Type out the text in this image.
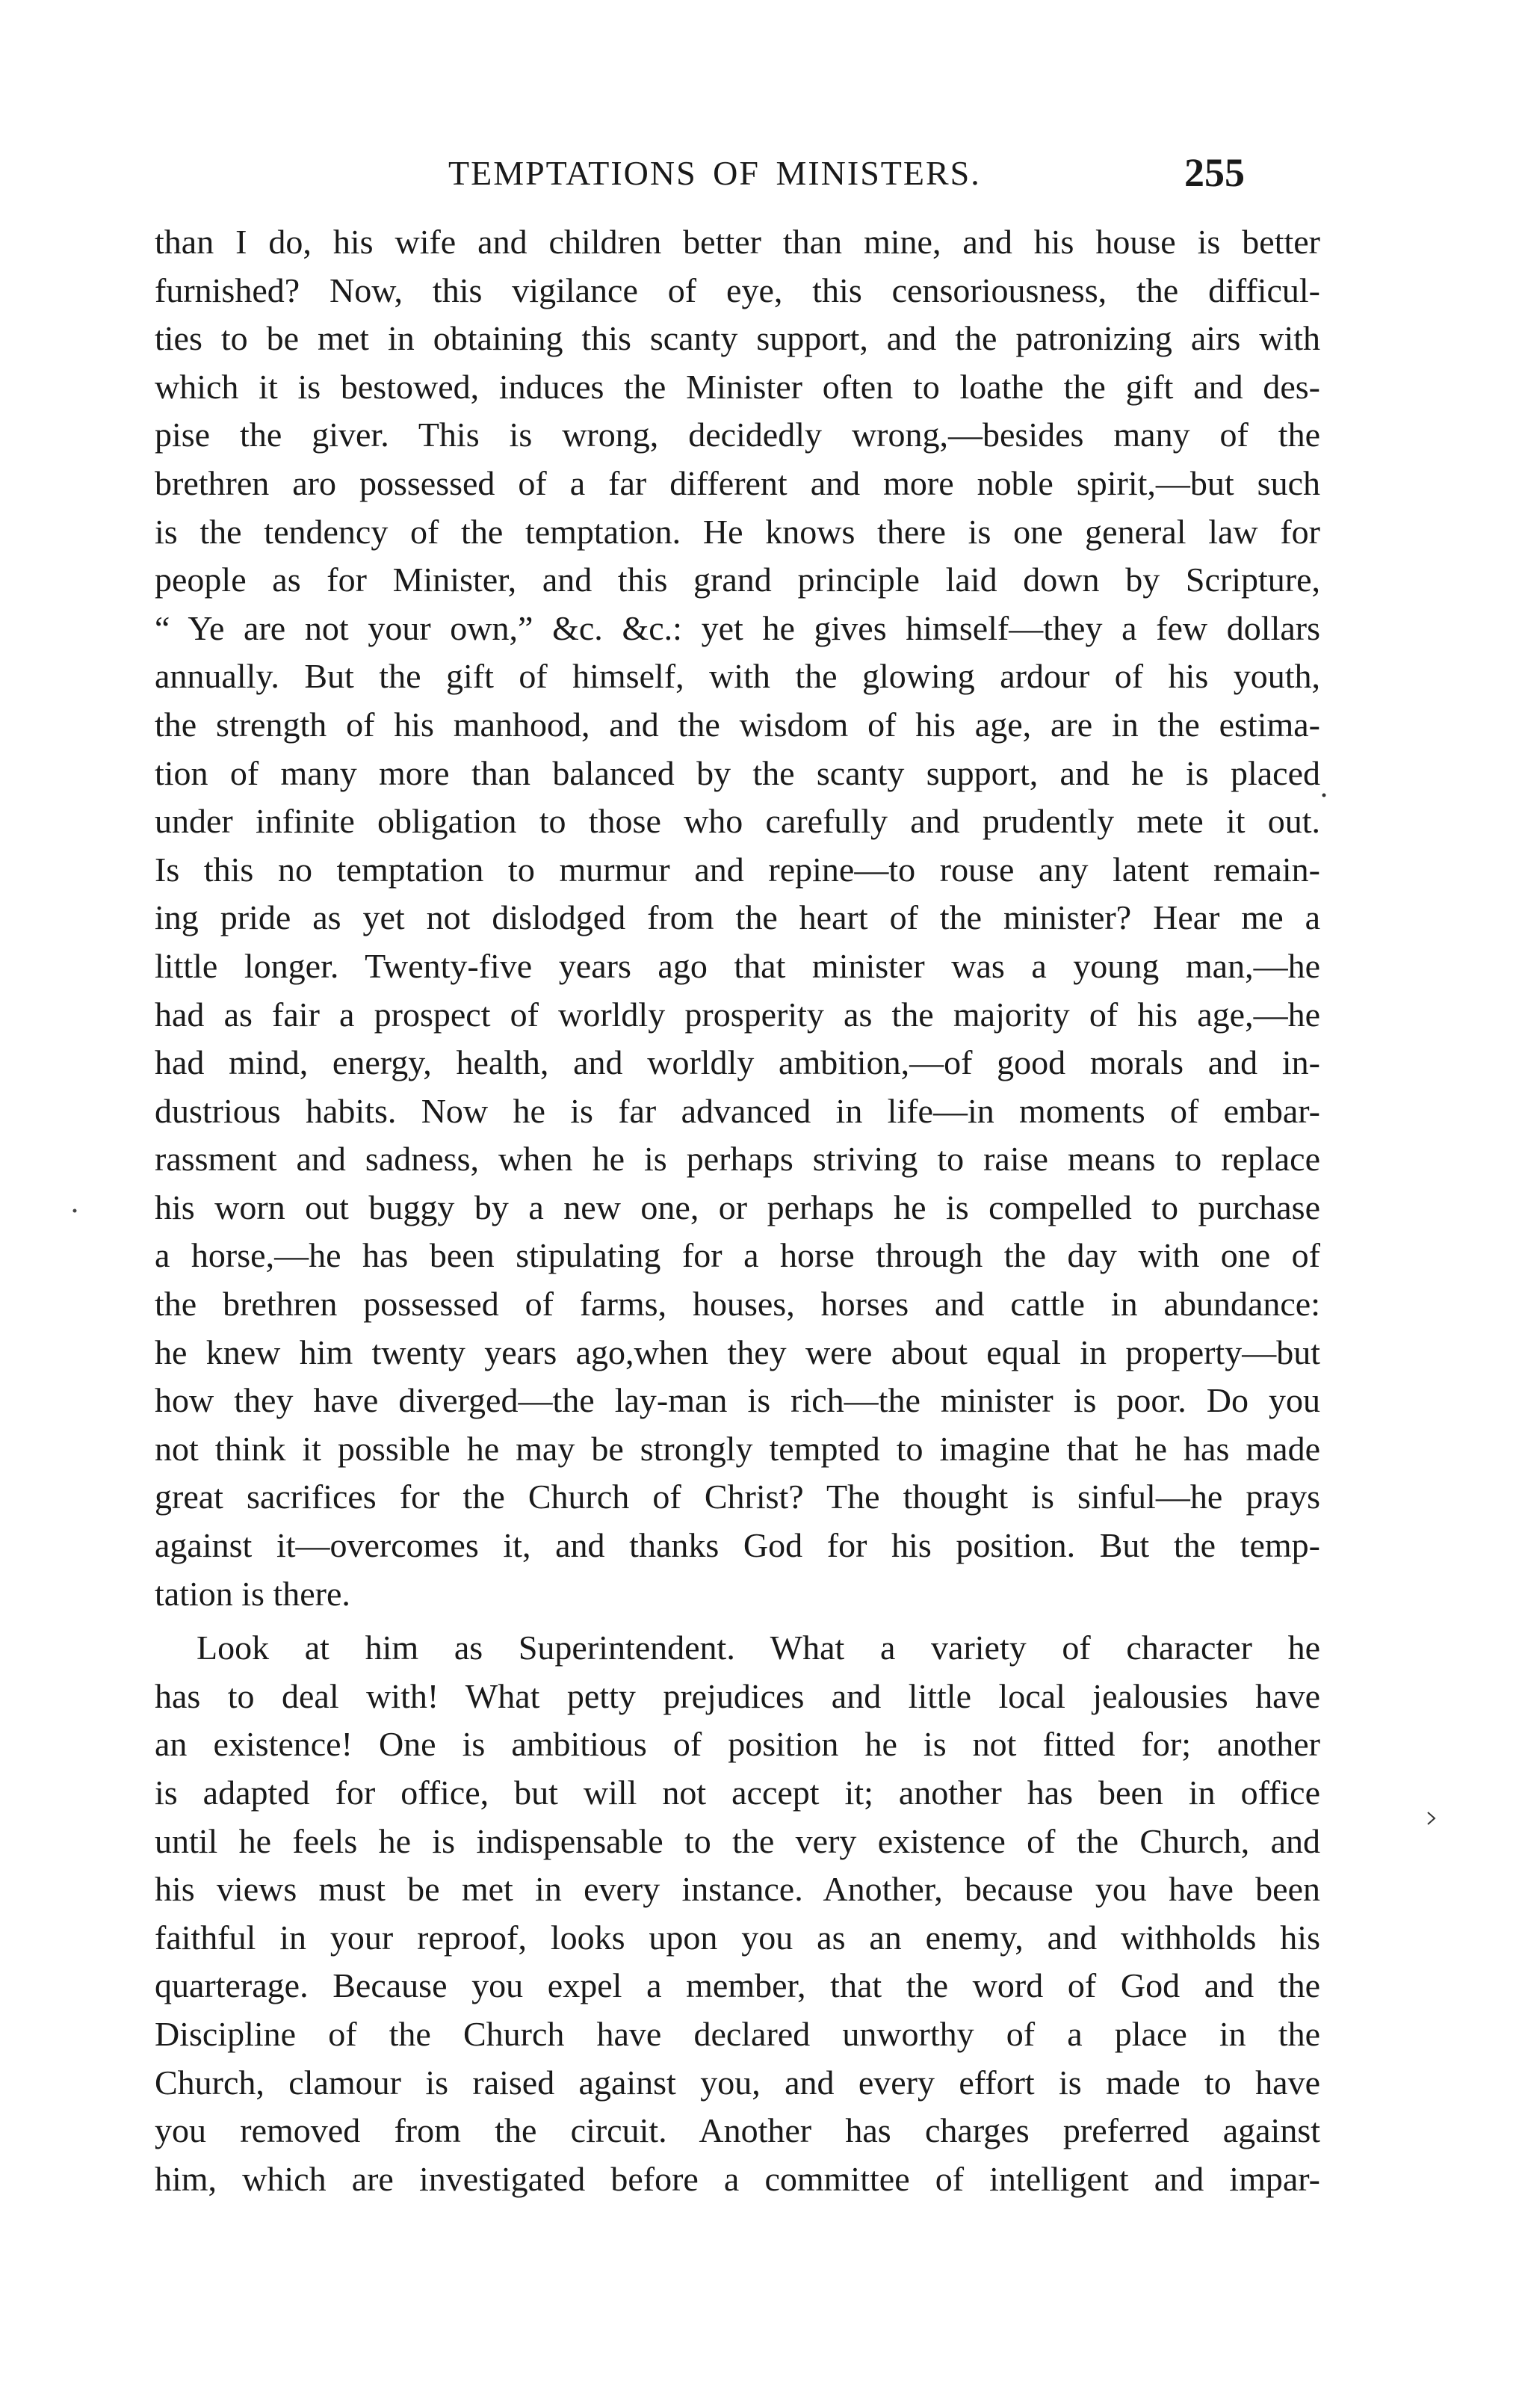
TEMPTATIONS OF MINISTERS.	255
than I do, his wife and children better than mine, and his house is better
furnished? Now, this vigilance of eye, this censoriousness, the difficul-
ties to be met in obtaining this scanty support, and the patronizing airs with
which it is bestowed, induces the Minister often to loathe the gift and des-
pise the giver. This is wrong, decidedly wrong,—besides many of the
brethren aro possessed of a far different and more noble spirit,—but such
is the tendency of the temptation. He knows there is one general law for
people as for Minister, and this grand principle laid down by Scripture,
“ Ye are not your own,” &c. &c.: yet he gives himself—they a few dollars
annually. But the gift of himself, with the glowing ardour of his youth,
the strength of his manhood, and the wisdom of his age, are in the estima-
tion of many more than balanced by the scanty support, and he is placed
under infinite obligation to those who carefully and prudently mete it out.
Is this no temptation to murmur and repine—to rouse any latent remain-
ing pride as yet not dislodged from the heart of the minister? Hear me a
little longer. Twenty-five years ago that minister was a young man,—he
had as fair a prospect of worldly prosperity as the majority of his age,—he
had mind, energy, health, and worldly ambition,—of good morals and in-
dustrious habits. Now he is far advanced in life—in moments of embar-
rassment and sadness, when he is perhaps striving to raise means to replace
his worn out buggy by a new one, or perhaps he is compelled to purchase
a horse,—he has been stipulating for a horse through the day with one of
the brethren possessed of farms, houses, horses and cattle in abundance:
he knew him twenty years ago,when they were about equal in property—but
how they have diverged—the lay-man is rich—the minister is poor. Do you
not think it possible he may be strongly tempted to imagine that he has made
great sacrifices for the Church of Christ? The thought is sinful—he prays
against it—overcomes it, and thanks God for his position. But the temp-
tation is there.
Look at him as Superintendent. What a variety of character he
has to deal with! What petty prejudices and little local jealousies have
an existence! One is ambitious of position he is not fitted for; another
is adapted for office, but will not accept it; another has been in office
until he feels he is indispensable to the very existence of the Church, and
his views must be met in every instance. Another, because you have been
faithful in your reproof, looks upon you as an enemy, and withholds his
quarterage. Because you expel a member, that the word of God and the
Discipline of the Church have declared unworthy of a place in the
Church, clamour is raised against you, and every effort is made to have
you removed from the circuit. Another has charges preferred against
him, which are investigated before a committee of intelligent and impar-
